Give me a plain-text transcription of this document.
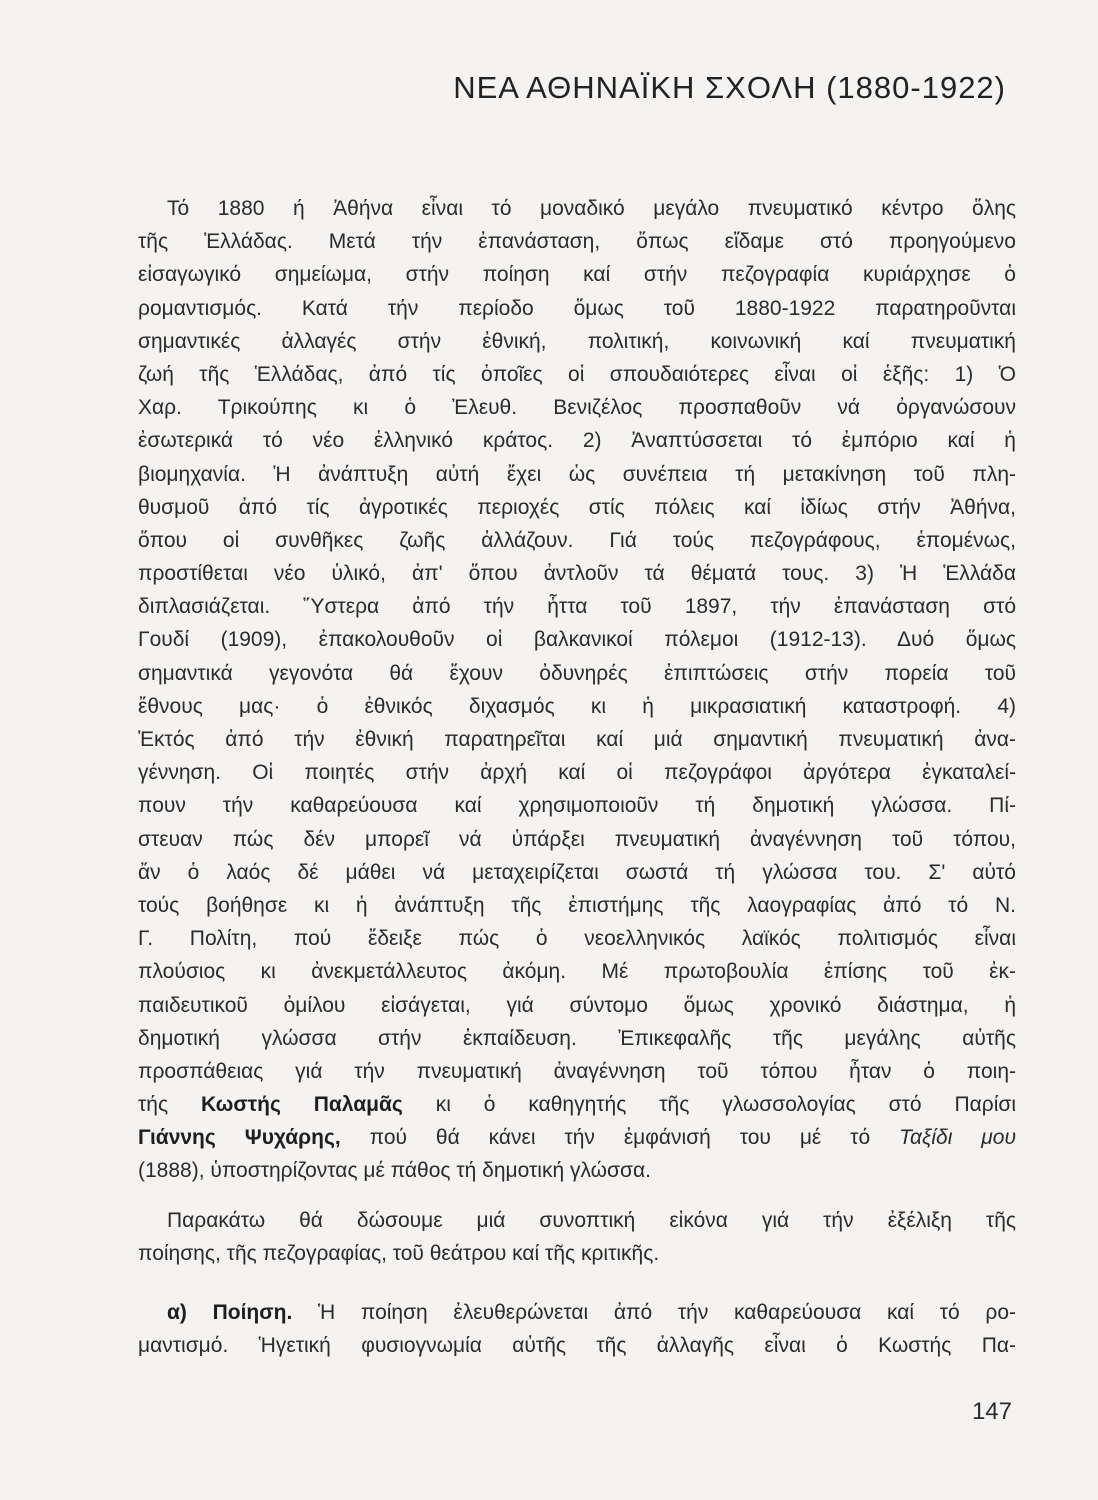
ΝΕΑ ΑΘΗΝΑΪΚΗ ΣΧΟΛΗ (1880-1922)
Τό 1880 ή Ἀθήνα εἶναι τό μοναδικό μεγάλο πνευματικό κέντρο ὅλης
τῆς Ἑλλάδας. Μετά τήν ἐπανάσταση, ὅπως εἴδαμε στό προηγούμενο
εἰσαγωγικό σημείωμα, στήν ποίηση καί στήν πεζογραφία κυριάρχησε ὁ
ρομαντισμός. Κατά τήν περίοδο ὅμως τοῦ 1880-1922 παρατηροῦνται
σημαντικές ἀλλαγές στήν ἐθνική, πολιτική, κοινωνική καί πνευματική
ζωή τῆς Ἑλλάδας, ἀπό τίς ὁποῖες οἱ σπουδαιότερες εἶναι οἱ ἑξῆς: 1) Ὁ
Χαρ. Τρικούπης κι ὁ Ἐλευθ. Βενιζέλος προσπαθοῦν νά ὀργανώσουν
ἐσωτερικά τό νέο ἑλληνικό κράτος. 2) Ἀναπτύσσεται τό ἐμπόριο καί ἡ
βιομηχανία. Ἡ ἀνάπτυξη αὐτή ἔχει ὡς συνέπεια τή μετακίνηση τοῦ πλη-
θυσμοῦ ἀπό τίς ἀγροτικές περιοχές στίς πόλεις καί ἰδίως στήν Ἀθήνα,
ὅπου οἱ συνθῆκες ζωῆς ἀλλάζουν. Γιά τούς πεζογράφους, ἑπομένως,
προστίθεται νέο ὑλικό, ἀπ' ὅπου ἀντλοῦν τά θέματά τους. 3) Ἡ Ἑλλάδα
διπλασιάζεται. Ὕστερα ἀπό τήν ἧττα τοῦ 1897, τήν ἐπανάσταση στό
Γουδί (1909), ἐπακολουθοῦν οἱ βαλκανικοί πόλεμοι (1912-13). Δυό ὅμως
σημαντικά γεγονότα θά ἔχουν ὀδυνηρές ἐπιπτώσεις στήν πορεία τοῦ
ἔθνους μας· ὁ ἐθνικός διχασμός κι ἡ μικρασιατική καταστροφή. 4)
Ἐκτός ἀπό τήν ἐθνική παρατηρεῖται καί μιά σημαντική πνευματική ἀνα-
γέννηση. Οἱ ποιητές στήν ἀρχή καί οἱ πεζογράφοι ἀργότερα ἐγκαταλεί-
πουν τήν καθαρεύουσα καί χρησιμοποιοῦν τή δημοτική γλώσσα. Πί-
στευαν πώς δέν μπορεῖ νά ὑπάρξει πνευματική ἀναγέννηση τοῦ τόπου,
ἄν ὁ λαός δέ μάθει νά μεταχειρίζεται σωστά τή γλώσσα του. Σ' αὐτό
τούς βοήθησε κι ἡ ἀνάπτυξη τῆς ἐπιστήμης τῆς λαογραφίας ἀπό τό Ν.
Γ. Πολίτη, πού ἔδειξε πώς ὁ νεοελληνικός λαϊκός πολιτισμός εἶναι
πλούσιος κι ἀνεκμετάλλευτος ἀκόμη. Μέ πρωτοβουλία ἐπίσης τοῦ ἐκ-
παιδευτικοῦ ὀμίλου εἰσάγεται, γιά σύντομο ὅμως χρονικό διάστημα, ἡ
δημοτική γλώσσα στήν ἐκπαίδευση. Ἐπικεφαλῆς τῆς μεγάλης αὐτῆς
προσπάθειας γιά τήν πνευματική ἀναγέννηση τοῦ τόπου ἦταν ὁ ποιη-
τής Κωστής Παλαμᾶς κι ὁ καθηγητής τῆς γλωσσολογίας στό Παρίσι
Γιάννης Ψυχάρης, πού θά κάνει τήν ἐμφάνισή του μέ τό Ταξίδι μου
(1888), ὑποστηρίζοντας μέ πάθος τή δημοτική γλώσσα.
Παρακάτω θά δώσουμε μιά συνοπτική εἰκόνα γιά τήν ἐξέλιξη τῆς
ποίησης, τῆς πεζογραφίας, τοῦ θεάτρου καί τῆς κριτικῆς.
α) Ποίηση. Ἡ ποίηση ἐλευθερώνεται ἀπό τήν καθαρεύουσα καί τό ρο-
μαντισμό. Ἡγετική φυσιογνωμία αὐτῆς τῆς ἀλλαγῆς εἶναι ὁ Κωστής Πα-
147
